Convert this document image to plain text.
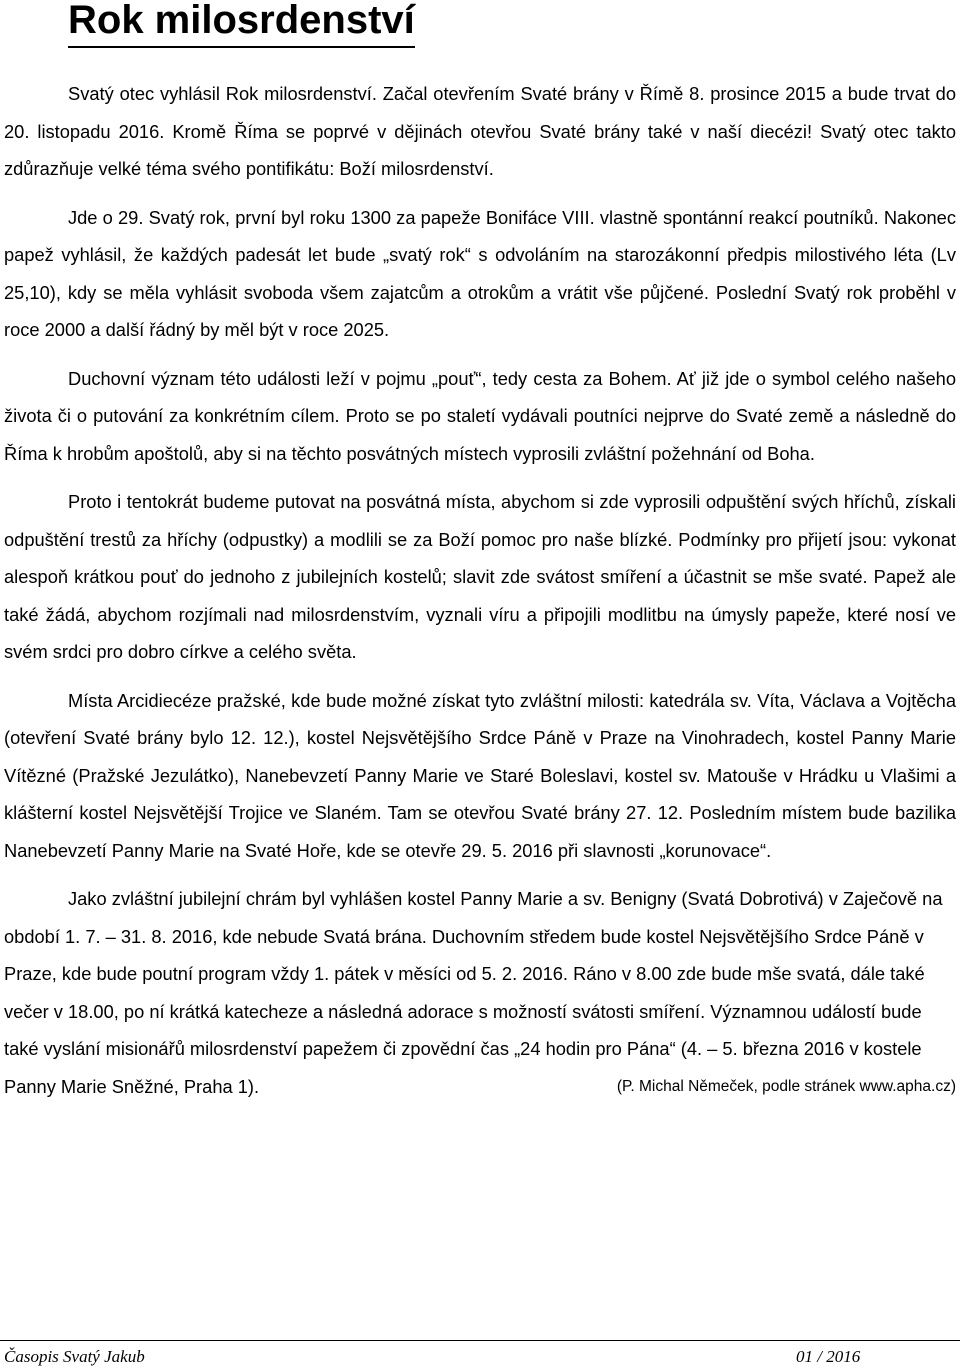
Rok milosrdenství

Svatý otec vyhlásil Rok milosrdenství. Začal otevřením Svaté brány v Římě 8. prosince 2015 a bude trvat do 20. listopadu 2016. Kromě Říma se poprvé v dějinách otevřou Svaté brány také v naší diecézi! Svatý otec takto zdůrazňuje velké téma svého pontifikátu: Boží milosrdenství.

Jde o 29. Svatý rok, první byl roku 1300 za papeže Bonifáce VIII. vlastně spontánní reakcí poutníků. Nakonec papež vyhlásil, že každých padesát let bude „svatý rok“ s odvoláním na starozákonní předpis milostivého léta (Lv 25,10), kdy se měla vyhlásit svoboda všem zajatcům a otrokům a vrátit vše půjčené. Poslední Svatý rok proběhl v roce 2000 a další řádný by měl být v roce 2025.

Duchovní význam této události leží v pojmu „pouť“, tedy cesta za Bohem. Ať již jde o symbol celého našeho života či o putování za konkrétním cílem. Proto se po staletí vydávali poutníci nejprve do Svaté země a následně do Říma k hrobům apoštolů, aby si na těchto posvátných místech vyprosili zvláštní požehnání od Boha.

Proto i tentokrát budeme putovat na posvátná místa, abychom si zde vyprosili odpuštění svých hříchů, získali odpuštění trestů za hříchy (odpustky) a modlili se za Boží pomoc pro naše blízké. Podmínky pro přijetí jsou: vykonat alespoň krátkou pouť do jednoho z jubilejních kostelů; slavit zde svátost smíření a účastnit se mše svaté. Papež ale také žádá, abychom rozjímali nad milosrdenstvím, vyznali víru a připojili modlitbu na úmysly papeže, které nosí ve svém srdci pro dobro církve a celého světa.

Místa Arcidiecéze pražské, kde bude možné získat tyto zvláštní milosti: katedrála sv. Víta, Václava a Vojtěcha (otevření Svaté brány bylo 12. 12.), kostel Nejsvětějšího Srdce Páně v Praze na Vinohradech, kostel Panny Marie Vítězné (Pražské Jezulátko), Nanebevzetí Panny Marie ve Staré Boleslavi, kostel sv. Matouše v Hrádku u Vlašimi a klášterní kostel Nejsvětější Trojice ve Slaném. Tam se otevřou Svaté brány 27. 12. Posledním místem bude bazilika Nanebevzetí Panny Marie na Svaté Hoře, kde se otevře 29. 5. 2016 při slavnosti „korunovace“.

Jako zvláštní jubilejní chrám byl vyhlášen kostel Panny Marie a sv. Benigny (Svatá Dobrotivá) v Zaječově na období 1. 7. – 31. 8. 2016, kde nebude Svatá brána. Duchovním středem bude kostel Nejsvětějšího Srdce Páně v Praze, kde bude poutní program vždy 1. pátek v měsíci od 5. 2. 2016. Ráno v 8.00 zde bude mše svatá, dále také večer v 18.00, po ní krátká katecheze a následná adorace s možností svátosti smíření. Významnou událostí bude také vyslání misionářů milosrdenství papežem či zpovědní čas „24 hodin pro Pána“ (4. – 5. března 2016 v kostele Panny Marie Sněžné, Praha 1).	(P. Michal Němeček, podle stránek www.apha.cz)

Časopis Svatý Jakub	01 / 2016
